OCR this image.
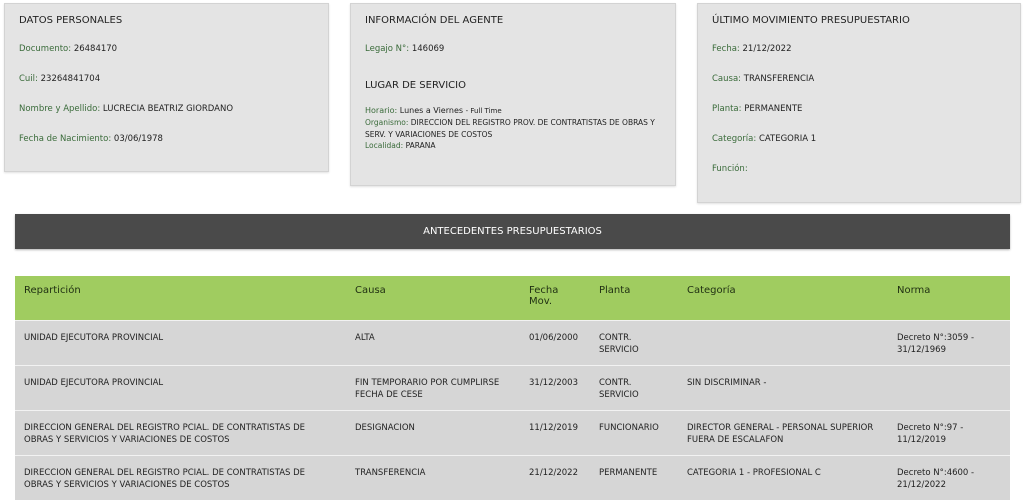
DATOS PERSONALES
Documento: 26484170
Cuil: 23264841704
Nombre y Apellido: LUCRECIA BEATRIZ GIORDANO
Fecha de Nacimiento: 03/06/1978
INFORMACIÓN DEL AGENTE
Legajo N°: 146069
LUGAR DE SERVICIO
Horario: Lunes a Viernes - Full Time
Organismo: DIRECCION DEL REGISTRO PROV. DE CONTRATISTAS DE OBRAS Y SERV. Y VARIACIONES DE COSTOS
Localidad: PARANA
ÚLTIMO MOVIMIENTO PRESUPUESTARIO
Fecha: 21/12/2022
Causa: TRANSFERENCIA
Planta: PERMANENTE
Categoría: CATEGORIA 1
Función:
ANTECEDENTES PRESUPUESTARIOS
Repartición	Causa	Fecha Mov.	Planta	Categoría	Norma
UNIDAD EJECUTORA PROVINCIAL	ALTA	01/06/2000	CONTR. SERVICIO		Decreto N°:3059 - 31/12/1969
UNIDAD EJECUTORA PROVINCIAL	FIN TEMPORARIO POR CUMPLIRSE FECHA DE CESE	31/12/2003	CONTR. SERVICIO	SIN DISCRIMINAR -	
DIRECCION GENERAL DEL REGISTRO PCIAL. DE CONTRATISTAS DE OBRAS Y SERVICIOS Y VARIACIONES DE COSTOS	DESIGNACION	11/12/2019	FUNCIONARIO	DIRECTOR GENERAL - PERSONAL SUPERIOR FUERA DE ESCALAFON	Decreto N°:97 - 11/12/2019
DIRECCION GENERAL DEL REGISTRO PCIAL. DE CONTRATISTAS DE OBRAS Y SERVICIOS Y VARIACIONES DE COSTOS	TRANSFERENCIA	21/12/2022	PERMANENTE	CATEGORIA 1 - PROFESIONAL C	Decreto N°:4600 - 21/12/2022
